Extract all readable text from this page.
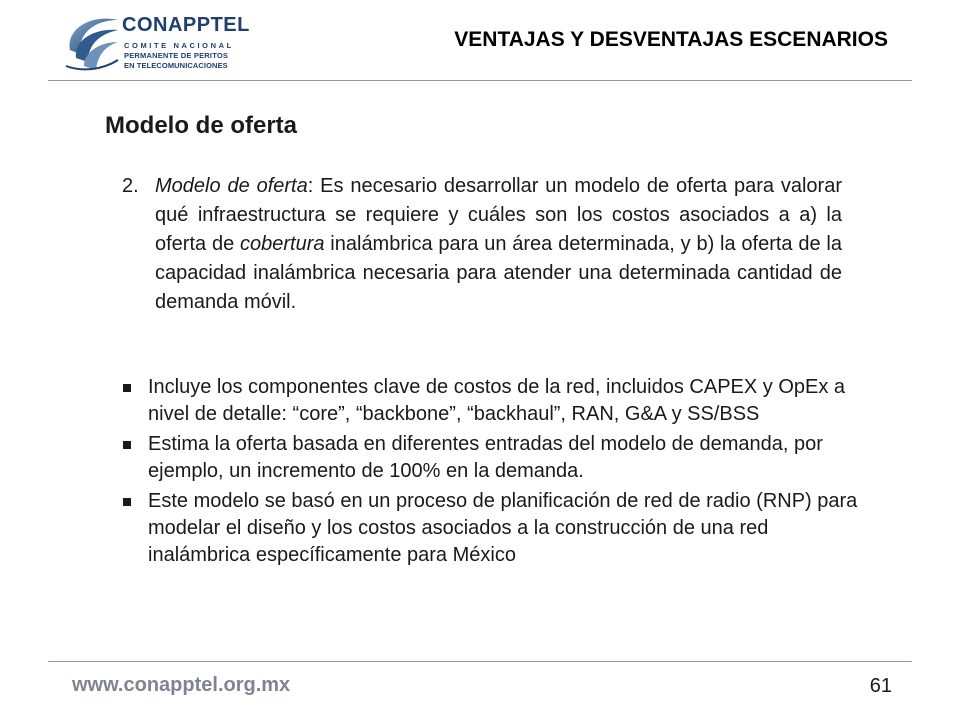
CONAPPTEL
COMITE NACIONAL
PERMANENTE DE PERITOS
EN TELECOMUNICACIONES
VENTAJAS Y DESVENTAJAS ESCENARIOS
Modelo de oferta
2. Modelo de oferta: Es necesario desarrollar un modelo de oferta para valorar qué infraestructura se requiere y cuáles son los costos asociados a a) la oferta de cobertura inalámbrica para un área determinada, y b) la oferta de la capacidad inalámbrica necesaria para atender una determinada cantidad de demanda móvil.
Incluye los componentes clave de costos de la red, incluidos CAPEX y OpEx a nivel de detalle: “core”, “backbone”, “backhaul”, RAN, G&A y SS/BSS
Estima la oferta basada en diferentes entradas del modelo de demanda, por ejemplo, un incremento de 100% en la demanda.
Este modelo se basó en un proceso de planificación de red de radio (RNP) para modelar el diseño y los costos asociados a la construcción de una red inalámbrica específicamente para México
www.conapptel.org.mx	61
